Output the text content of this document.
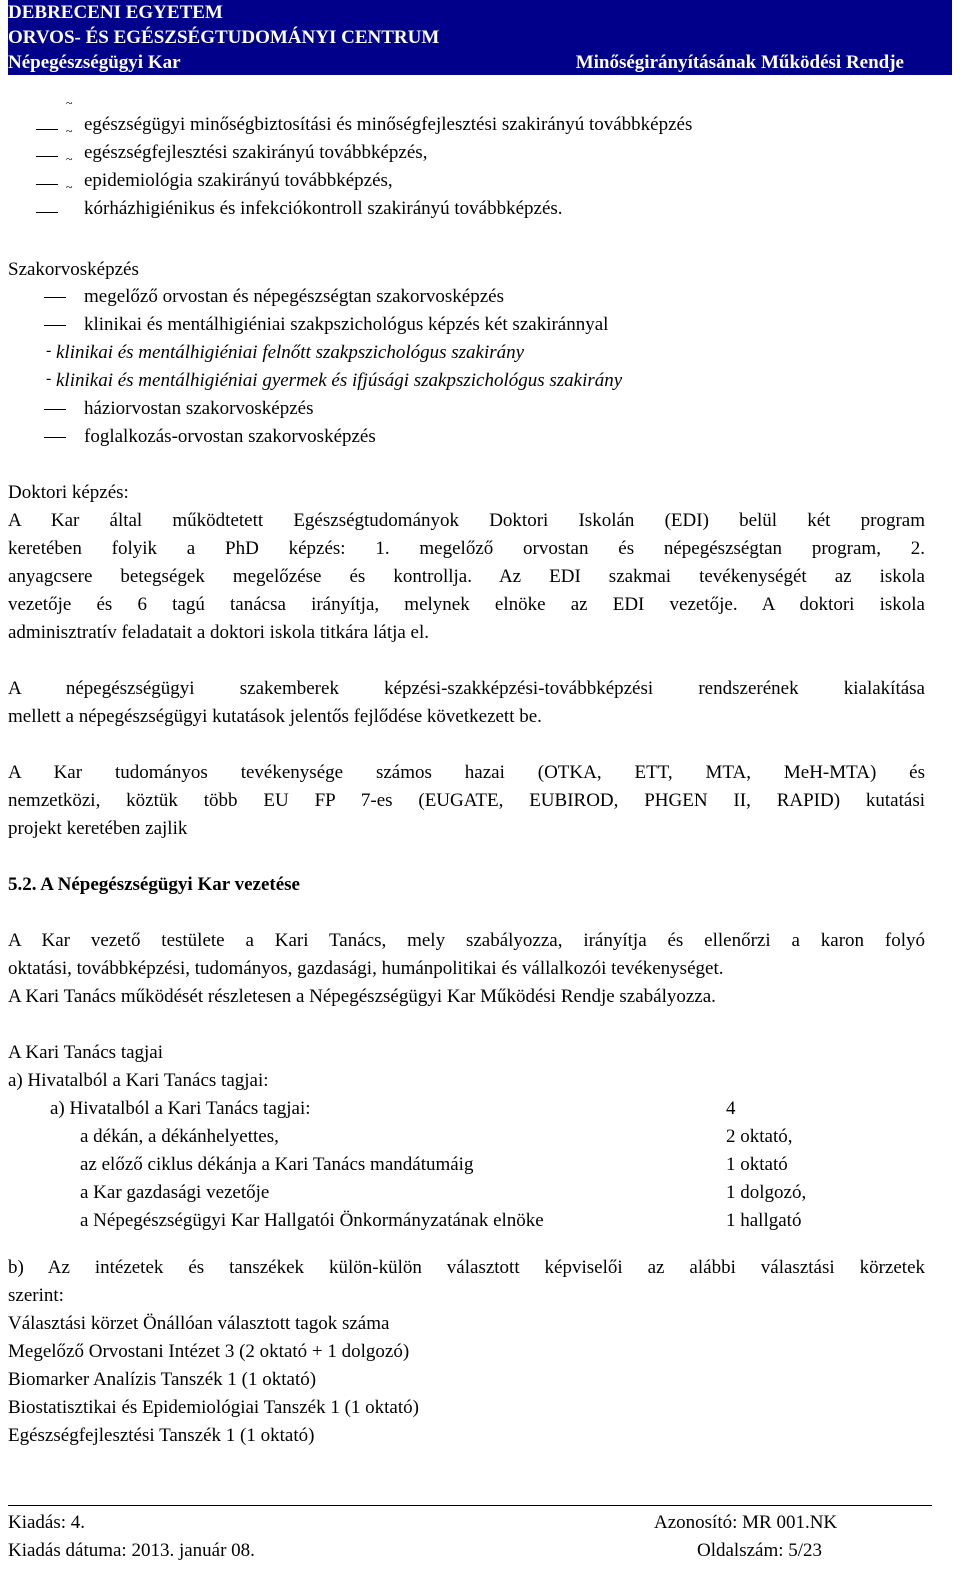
DEBRECENI EGYETEM
ORVOS- ÉS EGÉSZSÉGTUDOMÁNYI CENTRUM
Népegészségügyi Kar	Minőségirányításának Működési Rendje
~
egészségügyi minőségbiztosítási és minőségfejlesztési szakirányú továbbképzés
~
egészségfejlesztési szakirányú továbbképzés,
~
epidemiológia szakirányú továbbképzés,
~
kórházhigiénikus és infekciókontroll szakirányú továbbképzés.
Szakorvosképzés
megelőző orvostan és népegészségtan szakorvosképzés
klinikai és mentálhigiéniai szakpszichológus képzés két szakiránnyal
- klinikai és mentálhigiéniai felnőtt szakpszichológus szakirány
- klinikai és mentálhigiéniai gyermek és ifjúsági szakpszichológus szakirány
háziorvostan szakorvosképzés
foglalkozás-orvostan szakorvosképzés
Doktori képzés:
A Kar által működtetett Egészségtudományok Doktori Iskolán (EDI) belül két program
keretében folyik a PhD képzés: 1. megelőző orvostan és népegészségtan program, 2.
anyagcsere betegségek megelőzése és kontrollja. Az EDI szakmai tevékenységét az iskola
vezetője és 6 tagú tanácsa irányítja, melynek elnöke az EDI vezetője. A doktori iskola
adminisztratív feladatait a doktori iskola titkára látja el.
A népegészségügyi szakemberek képzési-szakképzési-továbbképzési rendszerének kialakítása
mellett a népegészségügyi kutatások jelentős fejlődése következett be.
A Kar tudományos tevékenysége számos hazai (OTKA, ETT, MTA, MeH-MTA) és
nemzetközi, köztük több EU FP 7-es (EUGATE, EUBIROD, PHGEN II, RAPID) kutatási
projekt keretében zajlik
5.2. A Népegészségügyi Kar vezetése
A Kar vezető testülete a Kari Tanács, mely szabályozza, irányítja és ellenőrzi a karon folyó
oktatási, továbbképzési, tudományos, gazdasági, humánpolitikai és vállalkozói tevékenységet.
A Kari Tanács működését részletesen a Népegészségügyi Kar Működési Rendje szabályozza.
A Kari Tanács tagjai
a) Hivatalból a Kari Tanács tagjai:
a) Hivatalból a Kari Tanács tagjai:	4
a dékán, a dékánhelyettes,	2 oktató,
az előző ciklus dékánja a Kari Tanács mandátumáig	1 oktató
a Kar gazdasági vezetője	1 dolgozó,
a Népegészségügyi Kar Hallgatói Önkormányzatának elnöke	1 hallgató
b) Az intézetek és tanszékek külön-külön választott képviselői az alábbi választási körzetek
szerint:
Választási körzet Önállóan választott tagok száma
Megelőző Orvostani Intézet 3 (2 oktató + 1 dolgozó)
Biomarker Analízis Tanszék 1 (1 oktató)
Biostatisztikai és Epidemiológiai Tanszék 1 (1 oktató)
Egészségfejlesztési Tanszék 1 (1 oktató)
Kiadás: 4.	Azonosító: MR 001.NK
Kiadás dátuma: 2013. január 08.	Oldalszám: 5/23
